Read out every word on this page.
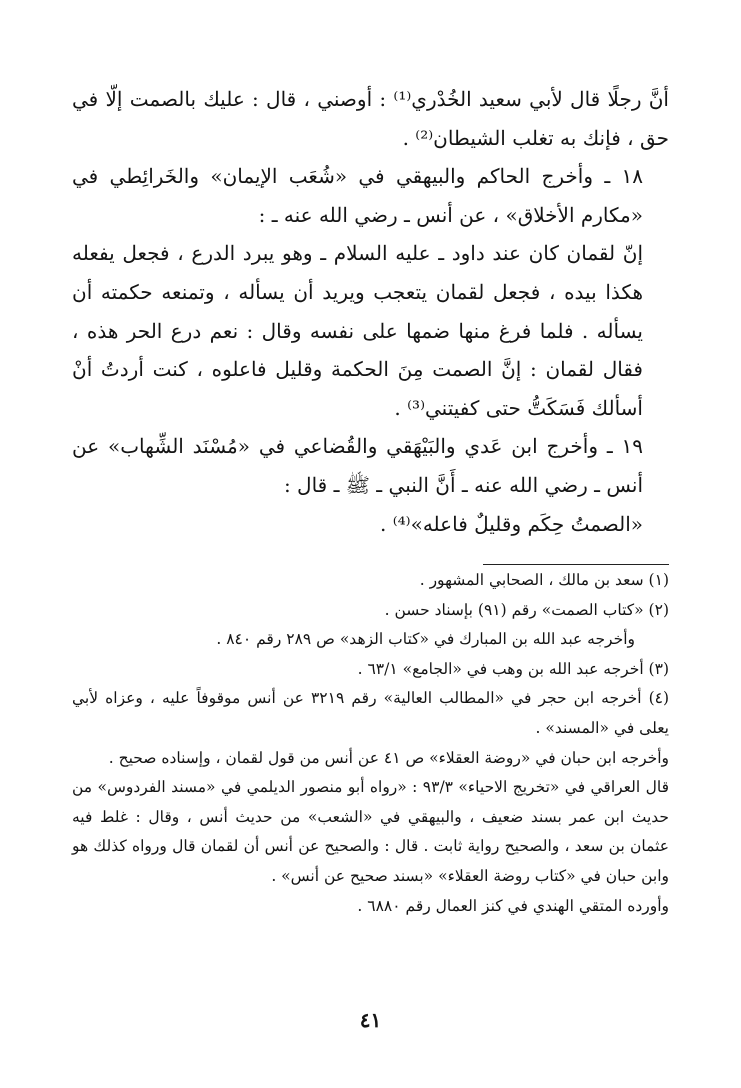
أنَّ رجلًا قال لأبي سعيد الخُدْري⁽¹⁾ : أوصني ، قال : عليك بالصمت إلّا في حق ، فإنك به تغلب الشيطان⁽²⁾ .

١٨ ـ وأخرج الحاكم والبيهقي في «شُعَب الإيمان» والخَرائِطي في «مكارم الأخلاق» ، عن أنس ـ رضي الله عنه ـ :

إنّ لقمان كان عند داود ـ عليه السلام ـ وهو يبرد الدرع ، فجعل يفعله هكذا بيده ، فجعل لقمان يتعجب ويريد أن يسأله ، وتمنعه حكمته أن يسأله . فلما فرغ منها ضمها على نفسه وقال : نعم درع الحر هذه ، فقال لقمان : إنَّ الصمت مِنَ الحكمة وقليل فاعلوه ، كنت أردتُ أنْ أسألك فَسَكَتُّ حتى كفيتني⁽³⁾ .

١٩ ـ وأخرج ابن عَدي والبَيْهَقي والقُضاعي في «مُسْنَد الشِّهاب» عن أنس ـ رضي الله عنه ـ أَنَّ النبي ـ ﷺ ـ قال :

«الصمتُ حِكَم وقليلٌ فاعله»⁽⁴⁾ .

(١) سعد بن مالك ، الصحابي المشهور .

(٢) «كتاب الصمت» رقم (٩١) بإسناد حسن .

وأخرجه عبد الله بن المبارك في «كتاب الزهد» ص ٢٨٩ رقم ٨٤٠ .

(٣) أخرجه عبد الله بن وهب في «الجامع» ٦٣/١ .

(٤) أخرجه ابن حجر في «المطالب العالية» رقم ٣٢١٩ عن أنس موقوفاً عليه ، وعزاه لأبي يعلى في «المسند» .

وأخرجه ابن حبان في «روضة العقلاء» ص ٤١ عن أنس من قول لقمان ، وإسناده صحيح .

قال العراقي في «تخريج الاحياء» ٩٣/٣ : «رواه أبو منصور الديلمي في «مسند الفردوس» من حديث ابن عمر بسند ضعيف ، والبيهقي في «الشعب» من حديث أنس ، وقال : غلط فيه عثمان بن سعد ، والصحيح رواية ثابت . قال : والصحيح عن أنس أن لقمان قال ورواه كذلك هو وابن حبان في «كتاب روضة العقلاء» «بسند صحيح عن أنس» .

وأورده المتقي الهندي في كنز العمال رقم ٦٨٨٠ .

٤١
